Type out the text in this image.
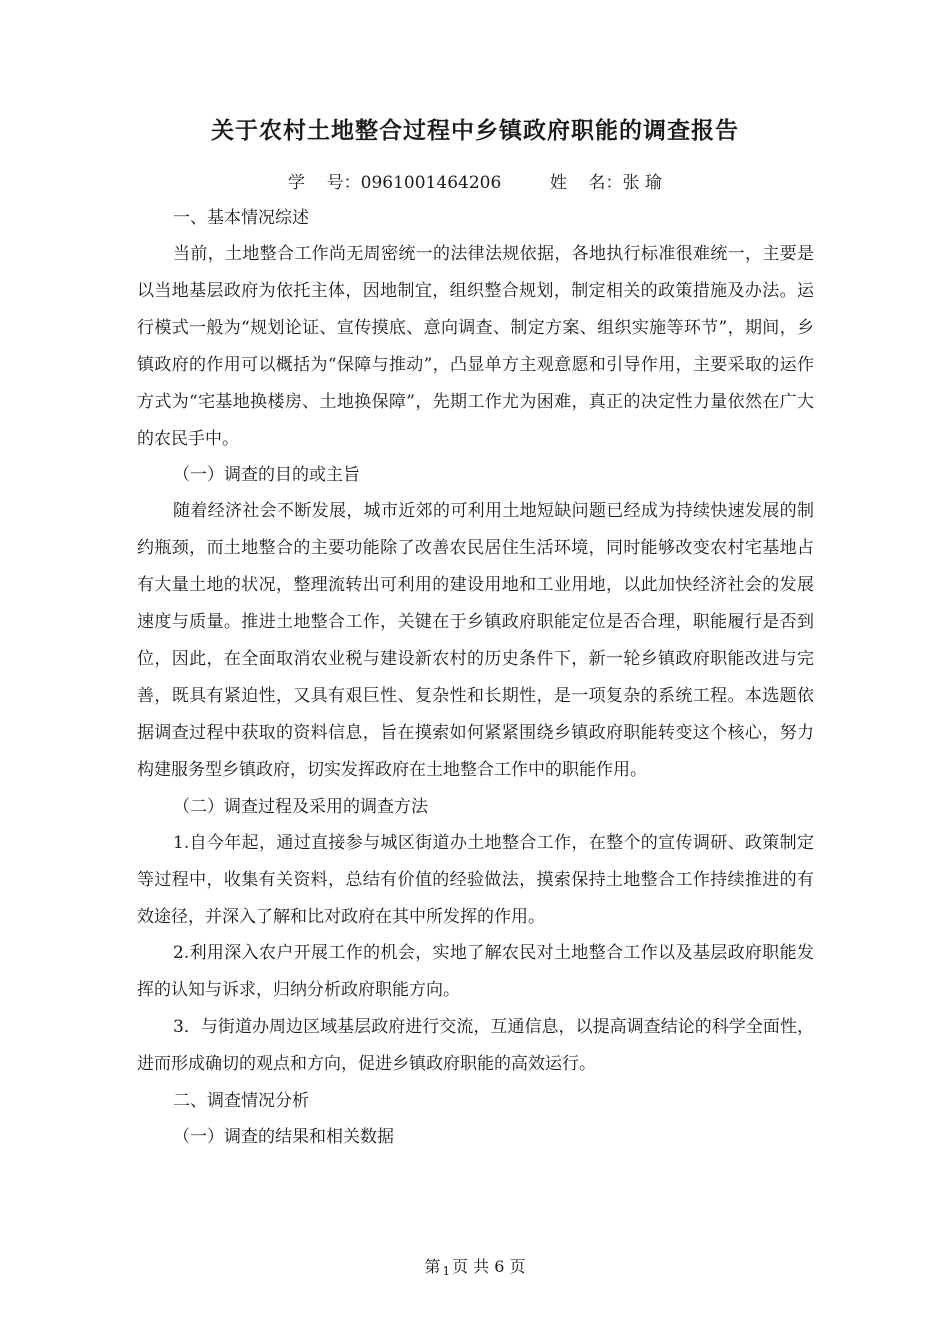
关于农村土地整合过程中乡镇政府职能的调查报告
学    号：0961001464206         姓    名：张 瑜

一、基本情况综述

当前，土地整合工作尚无周密统一的法律法规依据，各地执行标准很难统一，主要是以当地基层政府为依托主体，因地制宜，组织整合规划，制定相关的政策措施及办法。运行模式一般为“规划论证、宣传摸底、意向调查、制定方案、组织实施等环节”，期间，乡镇政府的作用可以概括为“保障与推动”，凸显单方主观意愿和引导作用，主要采取的运作方式为“宅基地换楼房、土地换保障”，先期工作尤为困难，真正的决定性力量依然在广大的农民手中。

（一）调查的目的或主旨

随着经济社会不断发展，城市近郊的可利用土地短缺问题已经成为持续快速发展的制约瓶颈，而土地整合的主要功能除了改善农民居住生活环境，同时能够改变农村宅基地占有大量土地的状况，整理流转出可利用的建设用地和工业用地，以此加快经济社会的发展速度与质量。推进土地整合工作，关键在于乡镇政府职能定位是否合理，职能履行是否到位，因此，在全面取消农业税与建设新农村的历史条件下，新一轮乡镇政府职能改进与完善，既具有紧迫性，又具有艰巨性、复杂性和长期性，是一项复杂的系统工程。本选题依据调查过程中获取的资料信息，旨在摸索如何紧紧围绕乡镇政府职能转变这个核心，努力构建服务型乡镇政府，切实发挥政府在土地整合工作中的职能作用。

（二）调查过程及采用的调查方法

1.自今年起，通过直接参与城区街道办土地整合工作，在整个的宣传调研、政策制定等过程中，收集有关资料，总结有价值的经验做法，摸索保持土地整合工作持续推进的有效途径，并深入了解和比对政府在其中所发挥的作用。

2.利用深入农户开展工作的机会，实地了解农民对土地整合工作以及基层政府职能发挥的认知与诉求，归纳分析政府职能方向。

3．与街道办周边区域基层政府进行交流，互通信息，以提高调查结论的科学全面性，进而形成确切的观点和方向，促进乡镇政府职能的高效运行。

二、调查情况分析

（一）调查的结果和相关数据

第 1 页 共 6 页
